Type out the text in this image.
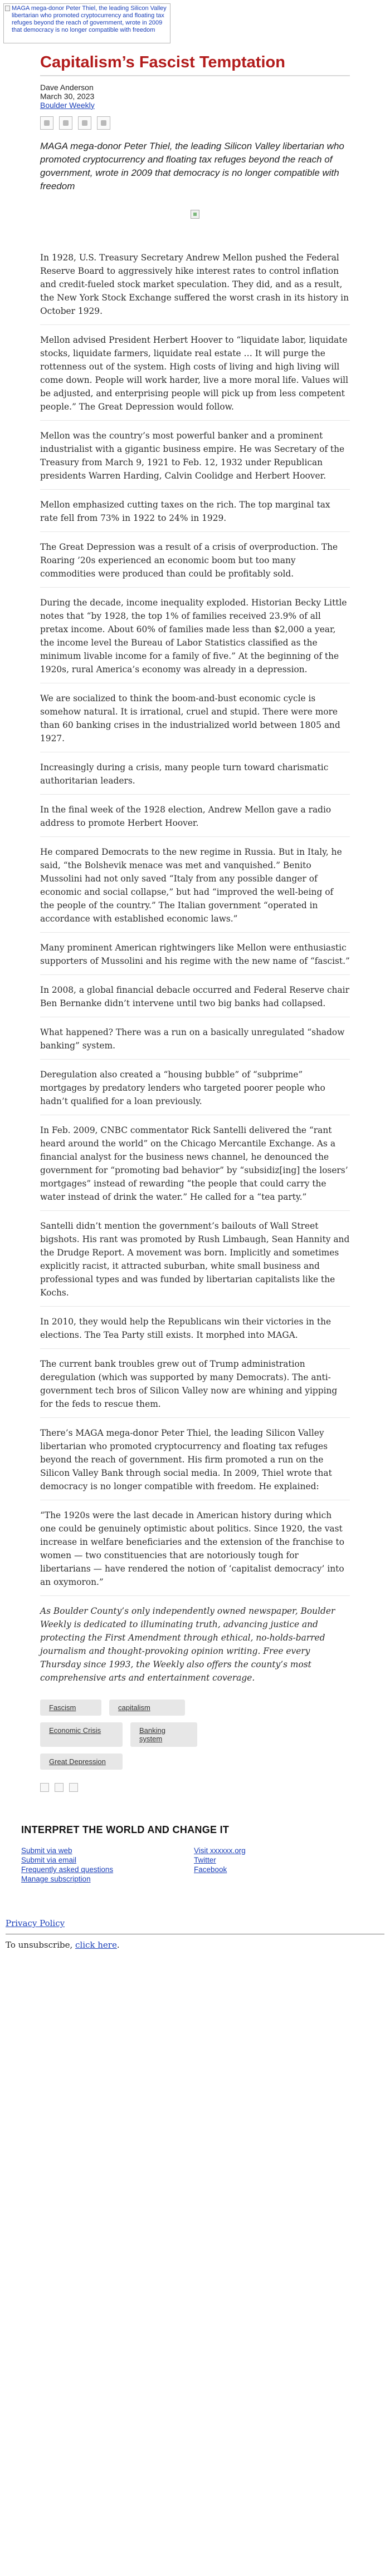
MAGA mega-donor Peter Thiel, the leading Silicon Valley libertarian who promoted cryptocurrency and floating tax refuges beyond the reach of government, wrote in 2009 that democracy is no longer compatible with freedom
Capitalism’s Fascist Temptation
Dave Anderson
March 30, 2023
Boulder Weekly

MAGA mega-donor Peter Thiel, the leading Silicon Valley libertarian who promoted cryptocurrency and floating tax refuges beyond the reach of government, wrote in 2009 that democracy is no longer compatible with freedom

In 1928, U.S. Treasury Secretary Andrew Mellon pushed the Federal Reserve Board to aggressively hike interest rates to control inflation and credit-fueled stock market speculation. They did, and as a result, the New York Stock Exchange suffered the worst crash in its history in October 1929.

Mellon advised President Herbert Hoover to “liquidate labor, liquidate stocks, liquidate farmers, liquidate real estate … It will purge the rottenness out of the system. High costs of living and high living will come down. People will work harder, live a more moral life. Values will be adjusted, and enterprising people will pick up from less competent people.” The Great Depression would follow.

Mellon was the country’s most powerful banker and a prominent industrialist with a gigantic business empire. He was Secretary of the Treasury from March 9, 1921 to Feb. 12, 1932 under Republican presidents Warren Harding, Calvin Coolidge and Herbert Hoover.

Mellon emphasized cutting taxes on the rich. The top marginal tax rate fell from 73% in 1922 to 24% in 1929.

The Great Depression was a result of a crisis of overproduction. The Roaring ’20s experienced an economic boom but too many commodities were produced than could be profitably sold.

During the decade, income inequality exploded. Historian Becky Little notes that “by 1928, the top 1% of families received 23.9% of all pretax income. About 60% of families made less than $2,000 a year, the income level the Bureau of Labor Statistics classified as the minimum livable income for a family of five.” At the beginning of the 1920s, rural America’s economy was already in a depression.

We are socialized to think the boom-and-bust economic cycle is somehow natural. It is irrational, cruel and stupid. There were more than 60 banking crises in the industrialized world between 1805 and 1927.

Increasingly during a crisis, many people turn toward charismatic authoritarian leaders.

In the final week of the 1928 election, Andrew Mellon gave a radio address to promote Herbert Hoover.

He compared Democrats to the new regime in Russia. But in Italy, he said, “the Bolshevik menace was met and vanquished.” Benito Mussolini had not only saved “Italy from any possible danger of economic and social collapse,” but had “improved the well-being of the people of the country.” The Italian government “operated in accordance with established economic laws.”

Many prominent American rightwingers like Mellon were enthusiastic supporters of Mussolini and his regime with the new name of “fascist.”

In 2008, a global financial debacle occurred and Federal Reserve chair Ben Bernanke didn’t intervene until two big banks had collapsed.

What happened? There was a run on a basically unregulated “shadow banking” system.

Deregulation also created a “housing bubble” of “subprime” mortgages by predatory lenders who targeted poorer people who hadn’t qualified for a loan previously.

In Feb. 2009, CNBC commentator Rick Santelli delivered the “rant heard around the world” on the Chicago Mercantile Exchange. As a financial analyst for the business news channel, he denounced the government for “promoting bad behavior” by “subsidiz[ing] the losers’ mortgages” instead of rewarding “the people that could carry the water instead of drink the water.” He called for a “tea party.”

Santelli didn’t mention the government’s bailouts of Wall Street bigshots. His rant was promoted by Rush Limbaugh, Sean Hannity and the Drudge Report. A movement was born. Implicitly and sometimes explicitly racist, it attracted suburban, white small business and professional types and was funded by libertarian capitalists like the Kochs.

In 2010, they would help the Republicans win their victories in the elections. The Tea Party still exists. It morphed into MAGA.

The current bank troubles grew out of Trump administration deregulation (which was supported by many Democrats). The anti-government tech bros of Silicon Valley now are whining and yipping for the feds to rescue them.

There’s MAGA mega-donor Peter Thiel, the leading Silicon Valley libertarian who promoted cryptocurrency and floating tax refuges beyond the reach of government. His firm promoted a run on the Silicon Valley Bank through social media. In 2009, Thiel wrote that democracy is no longer compatible with freedom. He explained:

“The 1920s were the last decade in American history during which one could be genuinely optimistic about politics. Since 1920, the vast increase in welfare beneficiaries and the extension of the franchise to women — two constituencies that are notoriously tough for libertarians — have rendered the notion of ‘capitalist democracy’ into an oxymoron.”

As Boulder County’s only independently owned newspaper, Boulder Weekly is dedicated to illuminating truth, advancing justice and protecting the First Amendment through ethical, no-holds-barred journalism and thought-provoking opinion writing. Free every Thursday since 1993, the Weekly also offers the county’s most comprehensive arts and entertainment coverage.

Fascism	capitalism
Economic Crisis	Banking system
Great Depression
INTERPRET THE WORLD AND CHANGE IT
Submit via web
Submit via email
Frequently asked questions
Manage subscription
Visit xxxxxx.org
Twitter
Facebook
Privacy Policy
To unsubscribe, click here.
